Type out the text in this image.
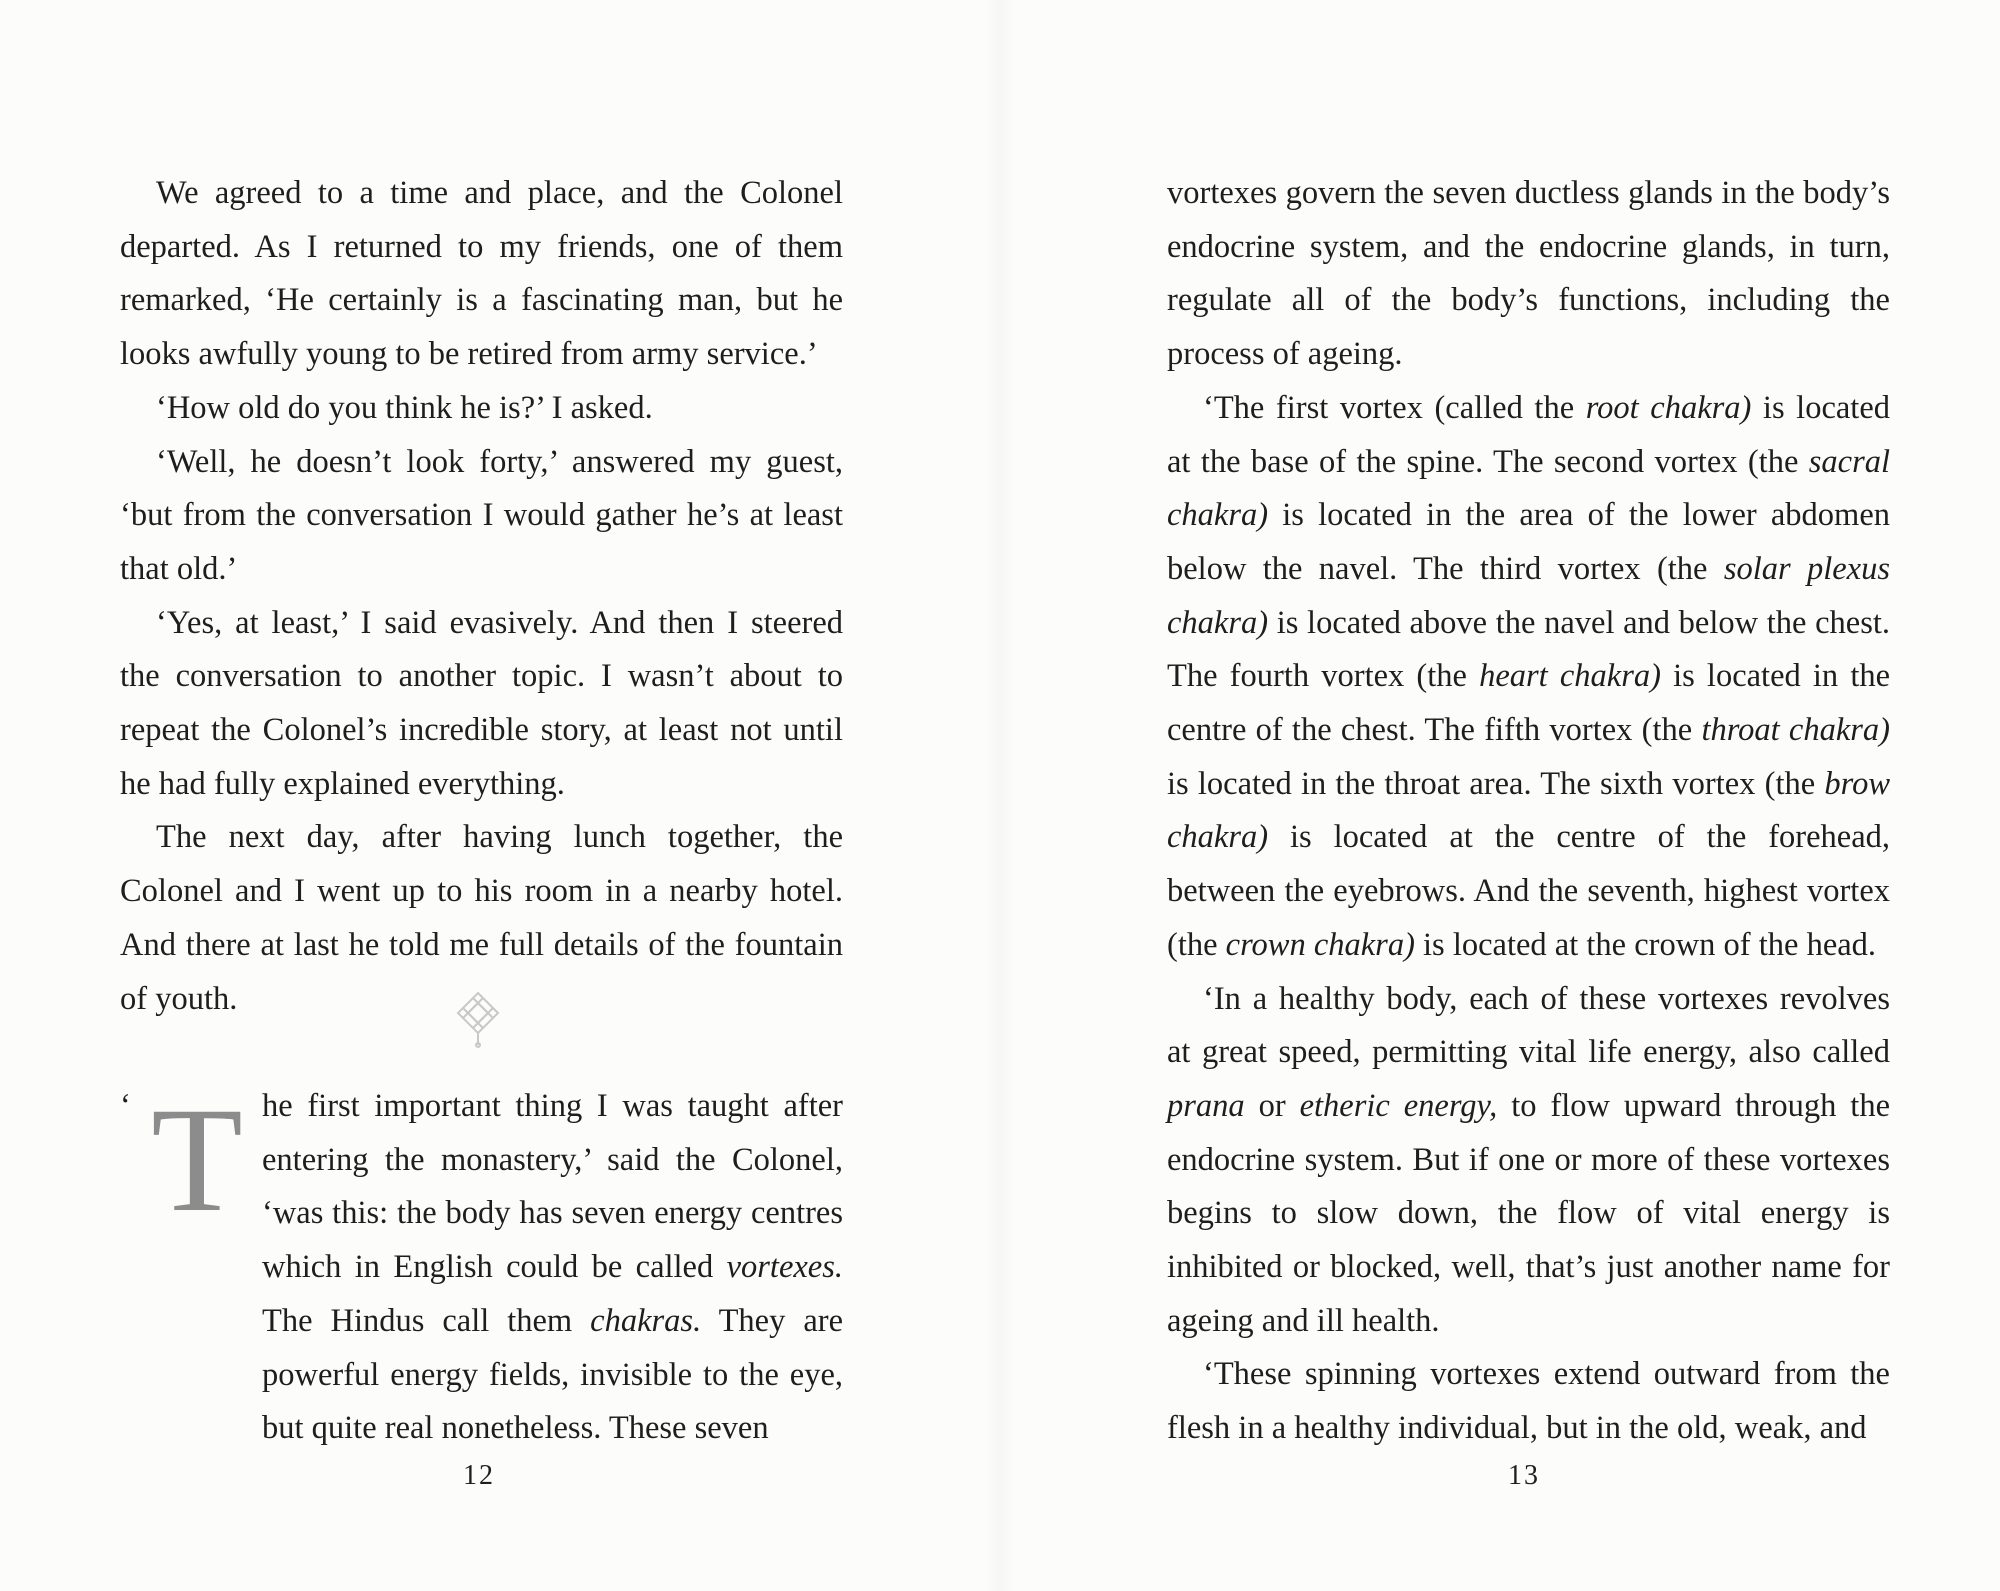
We agreed to a time and place, and the Colonel departed. As I returned to my friends, one of them remarked, ‘He certainly is a fascinating man, but he looks awfully young to be retired from army service.’

‘How old do you think he is?’ I asked.

‘Well, he doesn’t look forty,’ answered my guest, ‘but from the conversation I would gather he’s at least that old.’

‘Yes, at least,’ I said evasively. And then I steered the conversation to another topic. I wasn’t about to repeat the Colonel’s incredible story, at least not until he had fully explained everything.

The next day, after having lunch together, the Colonel and I went up to his room in a nearby hotel. And there at last he told me full details of the fountain of youth.

‘ T he first important thing I was taught after entering the monastery,’ said the Colonel, ‘was this: the body has seven energy centres which in English could be called vortexes. The Hindus call them chakras. They are powerful energy fields, invisible to the eye, but quite real nonetheless. These seven

12

vortexes govern the seven ductless glands in the body’s endocrine system, and the endocrine glands, in turn, regulate all of the body’s functions, including the process of ageing.

‘The first vortex (called the root chakra) is located at the base of the spine. The second vortex (the sacral chakra) is located in the area of the lower abdomen below the navel. The third vortex (the solar plexus chakra) is located above the navel and below the chest. The fourth vortex (the heart chakra) is located in the centre of the chest. The fifth vortex (the throat chakra) is located in the throat area. The sixth vortex (the brow chakra) is located at the centre of the forehead, between the eyebrows. And the seventh, highest vortex (the crown chakra) is located at the crown of the head.

‘In a healthy body, each of these vortexes revolves at great speed, permitting vital life energy, also called prana or etheric energy, to flow upward through the endocrine system. But if one or more of these vortexes begins to slow down, the flow of vital energy is inhibited or blocked, well, that’s just another name for ageing and ill health.

‘These spinning vortexes extend outward from the flesh in a healthy individual, but in the old, weak, and

13
